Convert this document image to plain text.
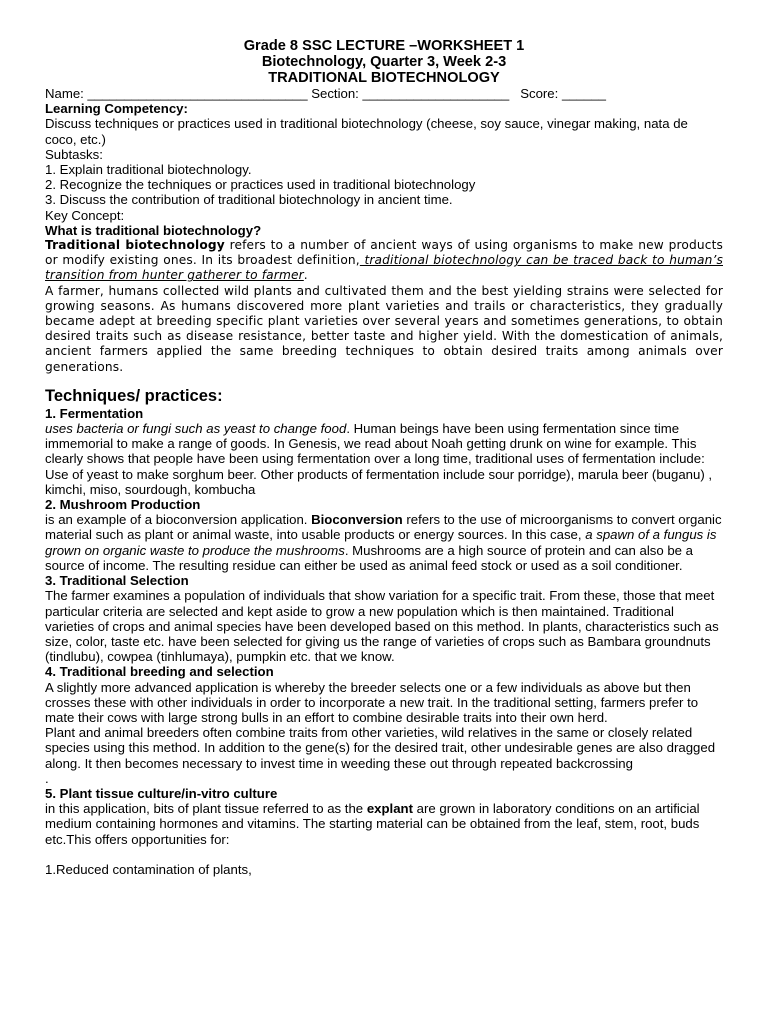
Grade 8 SSC LECTURE –WORKSHEET 1
Biotechnology, Quarter 3, Week 2-3
TRADITIONAL BIOTECHNOLOGY

Name: ______________________________ Section: ____________________   Score: ______

Learning Competency:

Discuss techniques or practices used in traditional biotechnology (cheese, soy sauce, vinegar making, nata de coco, etc.)

Subtasks:

1. Explain traditional biotechnology.

2. Recognize the techniques or practices used in traditional biotechnology

3. Discuss the contribution of traditional biotechnology in ancient time.

Key Concept:

What is traditional biotechnology?

Traditional biotechnology refers to a number of ancient ways of using organisms to make new products or modify existing ones. In its broadest definition, traditional biotechnology can be traced back to human’s transition from hunter gatherer to farmer.

A farmer, humans collected wild plants and cultivated them and the best yielding strains were selected for growing seasons. As humans discovered more plant varieties and trails or characteristics, they gradually became adept at breeding specific plant varieties over several years and sometimes generations, to obtain desired traits such as disease resistance, better taste and higher yield. With the domestication of animals, ancient farmers applied the same breeding techniques to obtain desired traits among animals over generations.

Techniques/ practices:

1. Fermentation

uses bacteria or fungi such as yeast to change food. Human beings have been using fermentation since time immemorial to make a range of goods. In Genesis, we read about Noah getting drunk on wine for example. This clearly shows that people have been using fermentation over a long time, traditional uses of fermentation include: Use of yeast to make sorghum beer. Other products of fermentation include sour porridge), marula beer (buganu) , kimchi, miso, sourdough, kombucha

2. Mushroom Production

is an example of a bioconversion application. Bioconversion refers to the use of microorganisms to convert organic material such as plant or animal waste, into usable products or energy sources. In this case, a spawn of a fungus is grown on organic waste to produce the mushrooms. Mushrooms are a high source of protein and can also be a source of income. The resulting residue can either be used as animal feed stock or used as a soil conditioner.

3. Traditional Selection

The farmer examines a population of individuals that show variation for a specific trait. From these, those that meet particular criteria are selected and kept aside to grow a new population which is then maintained. Traditional varieties of crops and animal species have been developed based on this method. In plants, characteristics such as size, color, taste etc. have been selected for giving us the range of varieties of crops such as Bambara groundnuts (tindlubu), cowpea (tinhlumaya), pumpkin etc. that we know.

4. Traditional breeding and selection

A slightly more advanced application is whereby the breeder selects one or a few individuals as above but then crosses these with other individuals in order to incorporate a new trait. In the traditional setting, farmers prefer to mate their cows with large strong bulls in an effort to combine desirable traits into their own herd.

Plant and animal breeders often combine traits from other varieties, wild relatives in the same or closely related species using this method. In addition to the gene(s) for the desired trait, other undesirable genes are also dragged along. It then becomes necessary to invest time in weeding these out through repeated backcrossing

.

5. Plant tissue culture/in-vitro culture

in this application, bits of plant tissue referred to as the explant are grown in laboratory conditions on an artificial medium containing hormones and vitamins. The starting material can be obtained from the leaf, stem, root, buds etc.This offers opportunities for:

1.Reduced contamination of plants,
